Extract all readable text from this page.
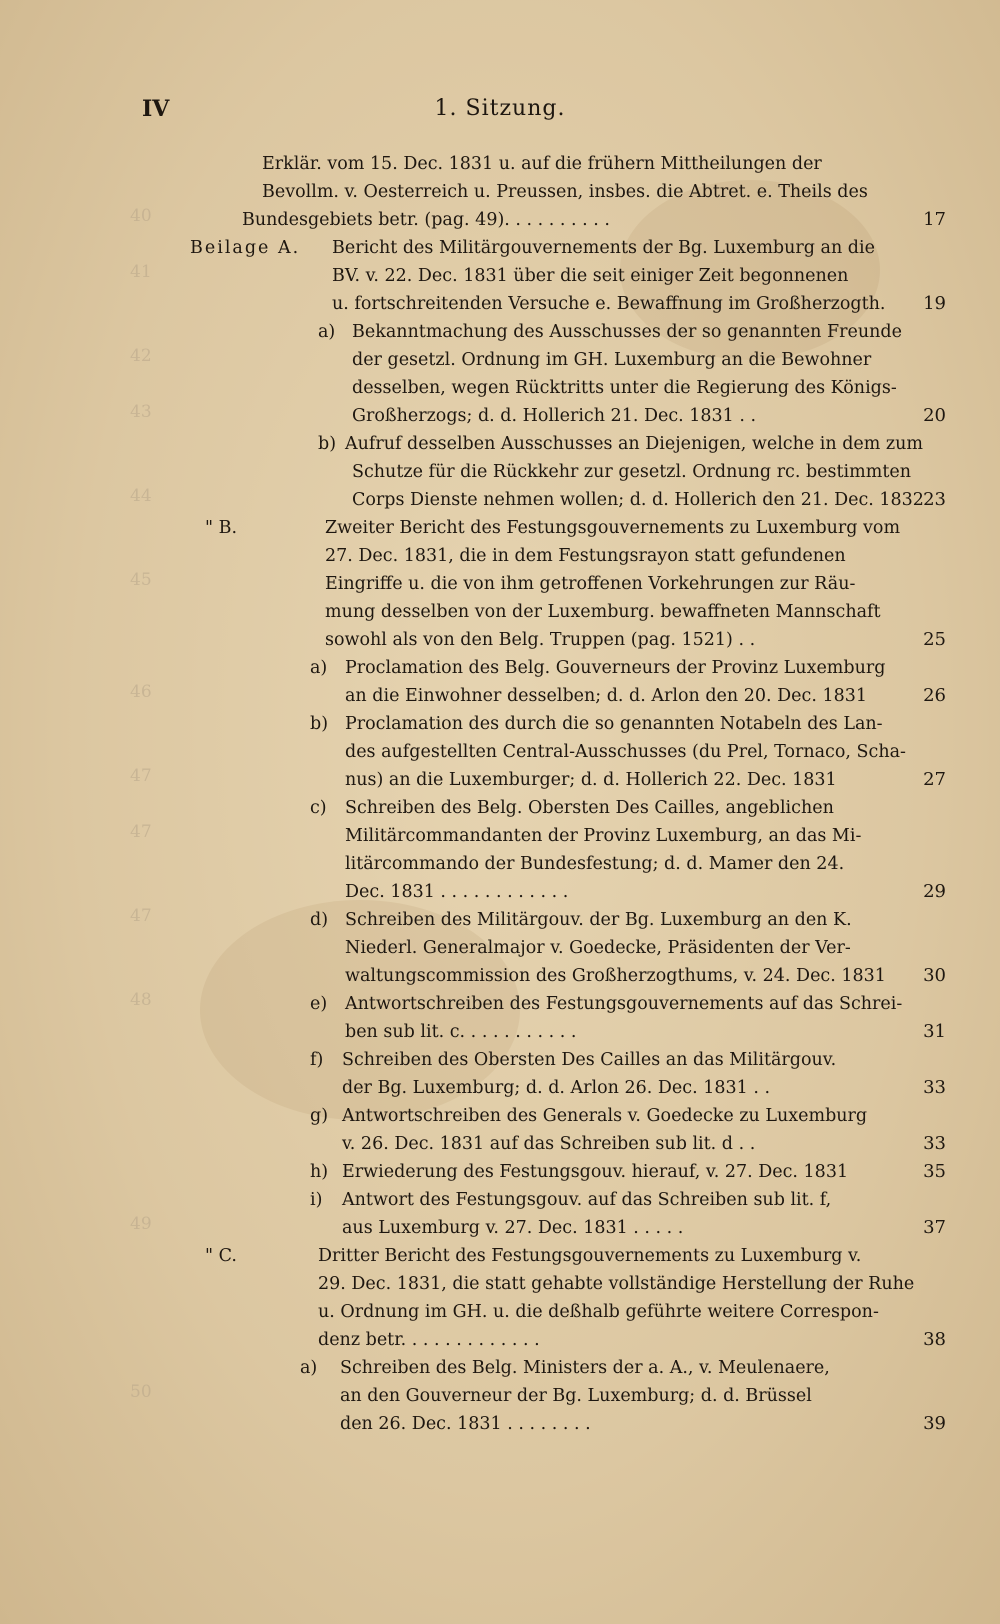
IV	1. Sitzung.
40
41
42
43
44
45
46
47
47
47
48
49
50
Erklär. vom 15. Dec. 1831 u. auf die frühern Mittheilungen der
Bevollm. v. Oesterreich u. Preussen, insbes. die Abtret. e. Theils des
Bundesgebiets betr. (pag. 49). . . . . . . . . .	17
Beilage A. Bericht des Militärgouvernements der Bg. Luxemburg an die
BV. v. 22. Dec. 1831 über die seit einiger Zeit begonnenen
u. fortschreitenden Versuche e. Bewaffnung im Großherzogth.	19
a) Bekanntmachung des Ausschusses der so genannten Freunde
der gesetzl. Ordnung im GH. Luxemburg an die Bewohner
desselben, wegen Rücktritts unter die Regierung des Königs-
Großherzogs; d. d. Hollerich 21. Dec. 1831 . .	20
b) Aufruf desselben Ausschusses an Diejenigen, welche in dem zum
Schutze für die Rückkehr zur gesetzl. Ordnung rc. bestimmten
Corps Dienste nehmen wollen; d. d. Hollerich den 21. Dec. 1832 23
" B.	Zweiter Bericht des Festungsgouvernements zu Luxemburg vom
27. Dec. 1831, die in dem Festungsrayon statt gefundenen
Eingriffe u. die von ihm getroffenen Vorkehrungen zur Räu-
mung desselben von der Luxemburg. bewaffneten Mannschaft
sowohl als von den Belg. Truppen (pag. 1521) . .	25
a) Proclamation des Belg. Gouverneurs der Provinz Luxemburg
an die Einwohner desselben; d. d. Arlon den 20. Dec. 1831	26
b) Proclamation des durch die so genannten Notabeln des Lan-
des aufgestellten Central-Ausschusses (du Prel, Tornaco, Scha-
nus) an die Luxemburger; d. d. Hollerich 22. Dec. 1831	27
c) Schreiben des Belg. Obersten Des Cailles, angeblichen
Militärcommandanten der Provinz Luxemburg, an das Mi-
litärcommando der Bundesfestung; d. d. Mamer den 24.
Dec. 1831 . . . . . . . . . . . .	29
d) Schreiben des Militärgouv. der Bg. Luxemburg an den K.
Niederl. Generalmajor v. Goedecke, Präsidenten der Ver-
waltungscommission des Großherzogthums, v. 24. Dec. 1831	30
e) Antwortschreiben des Festungsgouvernements auf das Schrei-
ben sub lit. c. . . . . . . . . . .	31
f) Schreiben des Obersten Des Cailles an das Militärgouv.
der Bg. Luxemburg; d. d. Arlon 26. Dec. 1831 . .	33
g) Antwortschreiben des Generals v. Goedecke zu Luxemburg
v. 26. Dec. 1831 auf das Schreiben sub lit. d . .	33
h) Erwiederung des Festungsgouv. hierauf, v. 27. Dec. 1831	35
i) Antwort des Festungsgouv. auf das Schreiben sub lit. f,
aus Luxemburg v. 27. Dec. 1831 . . . . .	37
" C.	Dritter Bericht des Festungsgouvernements zu Luxemburg v.
29. Dec. 1831, die statt gehabte vollständige Herstellung der Ruhe
u. Ordnung im GH. u. die deßhalb geführte weitere Correspon-
denz betr. . . . . . . . . . . . .	38
a) Schreiben des Belg. Ministers der a. A., v. Meulenaere,
an den Gouverneur der Bg. Luxemburg; d. d. Brüssel
den 26. Dec. 1831 . . . . . . . .	39
